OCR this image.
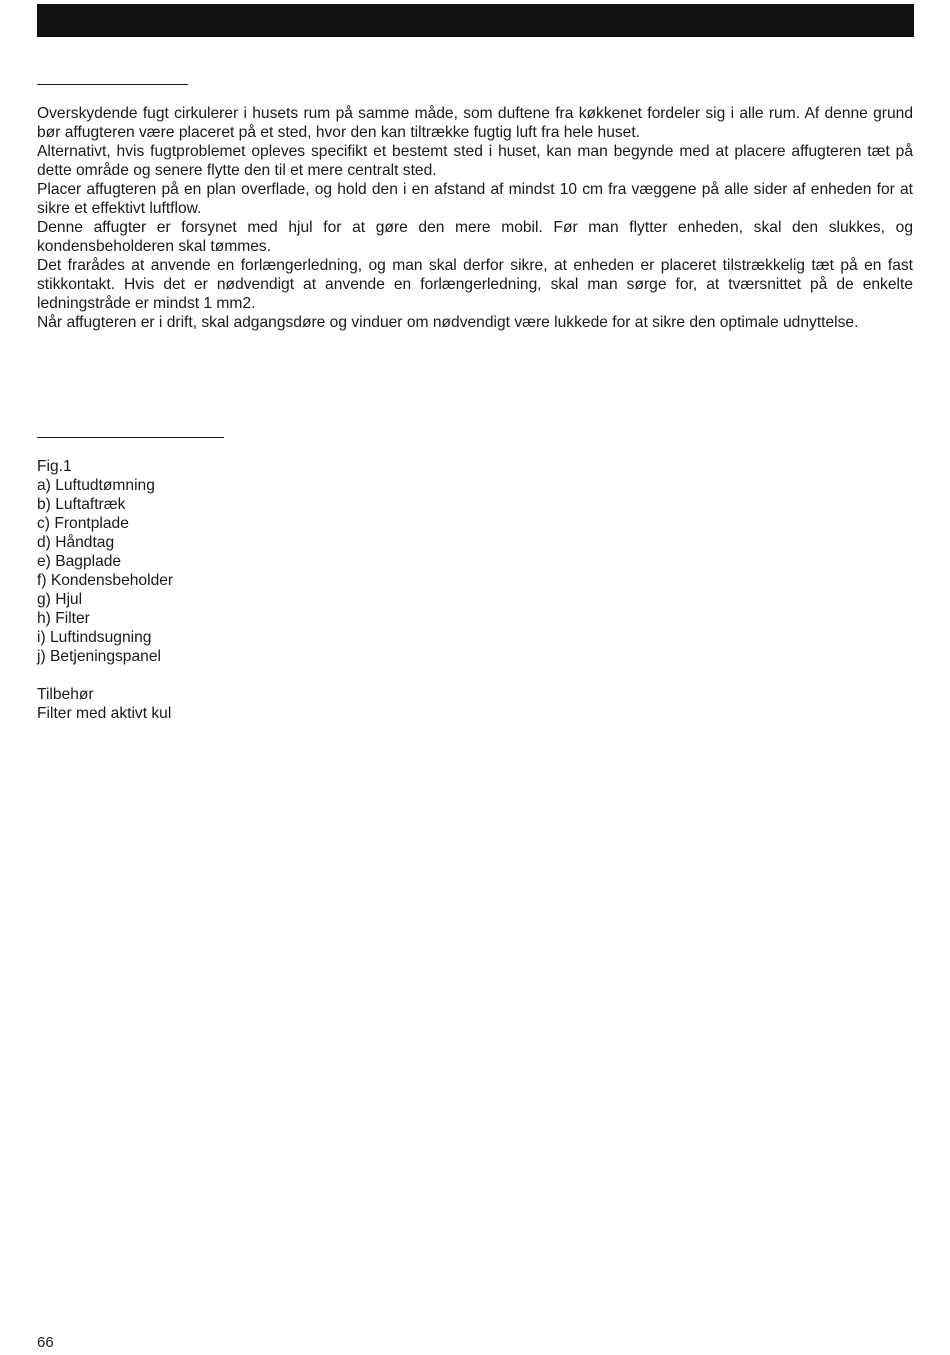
Overskydende fugt cirkulerer i husets rum på samme måde, som duftene fra køkkenet fordeler sig i alle rum. Af denne grund bør affugteren være placeret på et sted, hvor den kan tiltrække fugtig luft fra hele huset.

Alternativt, hvis fugtproblemet opleves specifikt et bestemt sted i huset, kan man begynde med at placere affugteren tæt på dette område og senere flytte den til et mere centralt sted.

Placer affugteren på en plan overflade, og hold den i en afstand af mindst 10 cm fra væggene på alle sider af enheden for at sikre et effektivt luftflow.

Denne affugter er forsynet med hjul for at gøre den mere mobil. Før man flytter enheden, skal den slukkes, og kondensbeholderen skal tømmes.

Det frarådes at anvende en forlængerledning, og man skal derfor sikre, at enheden er placeret tilstrækkelig tæt på en fast stikkontakt. Hvis det er nødvendigt at anvende en forlængerledning, skal man sørge for, at tværsnittet på de enkelte ledningstråde er mindst 1 mm2.

Når affugteren er i drift, skal adgangsdøre og vinduer om nødvendigt være lukkede for at sikre den optimale udnyttelse.

Fig.1
a) Luftudtømning
b) Luftaftræk
c) Frontplade
d) Håndtag
e) Bagplade
f) Kondensbeholder
g) Hjul
h) Filter
i) Luftindsugning
j) Betjeningspanel
Tilbehør
Filter med aktivt kul
66
